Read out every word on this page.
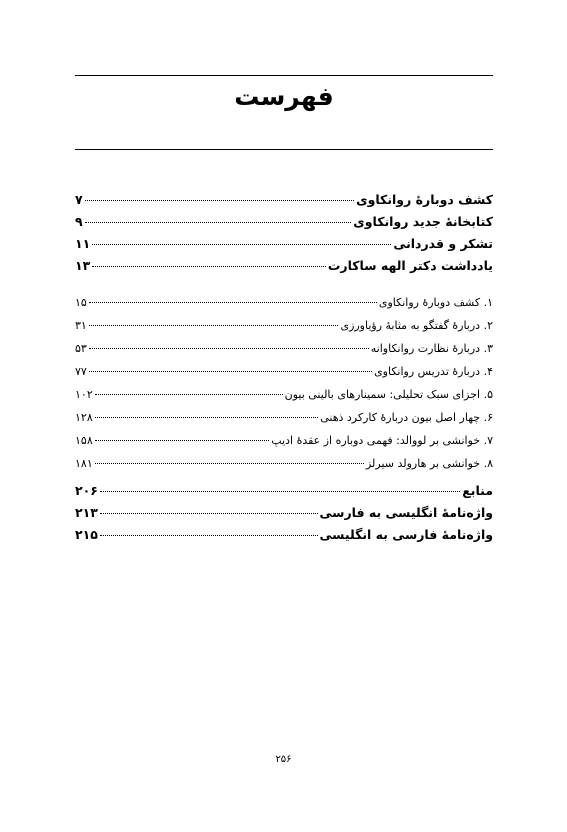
فهرست
کشف دوبارهٔ روانکاوی
۷
کتابخانهٔ جدید روانکاوی
۹
تشکر و قدردانی
۱۱
یادداشت دکتر الهه ساکارت
۱۳
۱. کشف دوبارهٔ روانکاوی
۱۵
۲. دربارهٔ گفتگو به مثابهٔ رؤیاورزی
۳۱
۳. دربارهٔ نظارت روانکاوانه
۵۳
۴. دربارهٔ تدریس روانکاوی
۷۷
۵. اجزای سبک تحلیلی: سمینارهای بالینی بیون
۱۰۲
۶. چهار اصل بیون دربارهٔ کارکرد ذهنی
۱۲۸
۷. خوانشی بر لووالد: فهمی دوباره از عقدهٔ ادیپ
۱۵۸
۸. خوانشی بر هارولد سیرلز
۱۸۱
منابع
۲۰۶
واژه‌نامهٔ انگلیسی به فارسی
۲۱۳
واژه‌نامهٔ فارسی به انگلیسی
۲۱۵
۲۵۶
